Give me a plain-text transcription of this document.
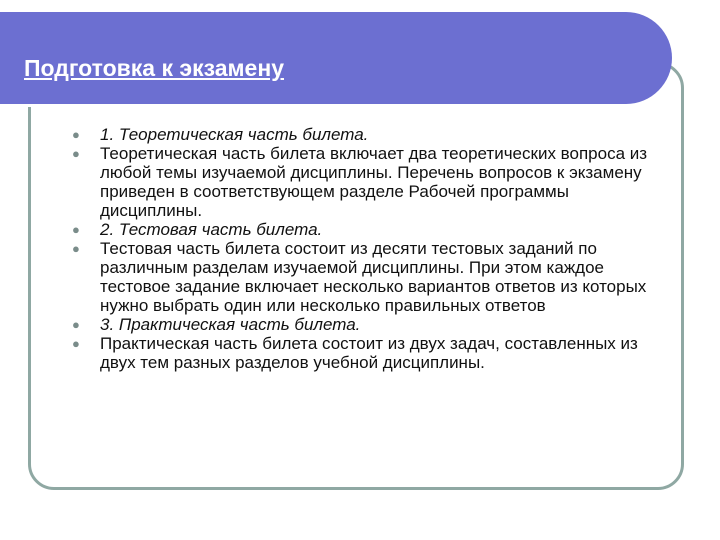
Подготовка к экзамену
●	1. Теоретическая часть билета.
●	Теоретическая часть билета включает два теоретических вопроса из любой темы изучаемой дисциплины. Перечень вопросов к экзамену приведен в соответствующем разделе Рабочей программы дисциплины.
●	2. Тестовая часть билета.
●	Тестовая часть билета состоит из десяти тестовых заданий по различным разделам изучаемой дисциплины. При этом каждое тестовое задание включает несколько вариантов ответов из которых нужно выбрать один или несколько правильных ответов
●	3. Практическая часть билета.
●	Практическая часть билета состоит из двух задач, составленных из двух тем разных разделов учебной дисциплины.
